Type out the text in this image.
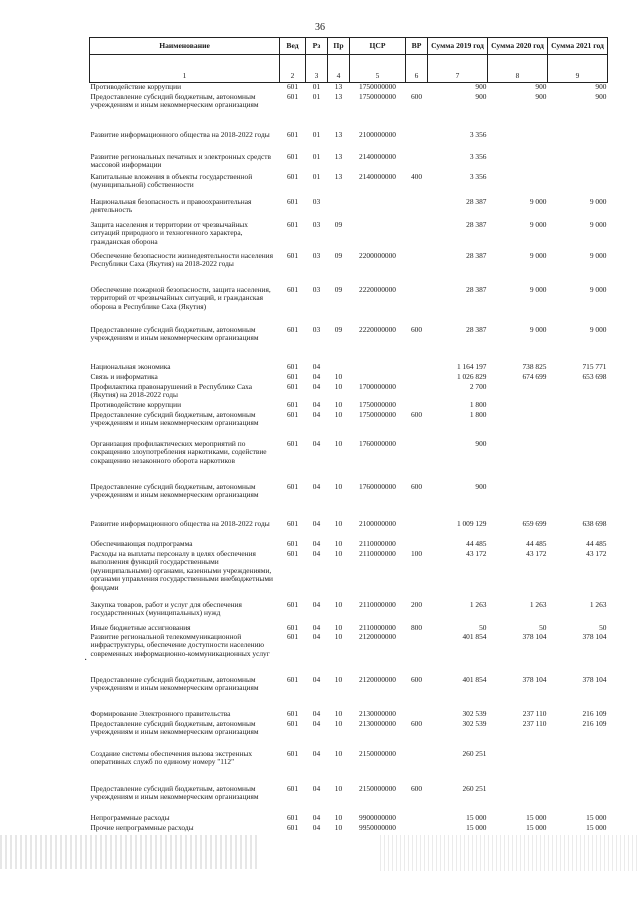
36
Наименование	Вед	Рз	Пр	ЦСР	ВР	Сумма 2019 год	Сумма 2020 год	Сумма 2021 год
1	2	3	4	5	6	7	8	9
Противодействие коррупции	601	01	13	1750000000		900	900	900
Предоставление субсидий бюджетным, автономным учреждениям и иным некоммерческим организациям	601	01	13	1750000000	600	900	900	900
Развитие информационного общества на 2018-2022 годы	601	01	13	2100000000		3 356		
Развитие региональных печатных и электронных средств массовой информации	601	01	13	2140000000		3 356		
Капитальные вложения в объекты государственной (муниципальной) собственности	601	01	13	2140000000	400	3 356		
Национальная безопасность и правоохранительная деятельность	601	03				28 387	9 000	9 000
Защита населения и территории от чрезвычайных ситуаций природного и техногенного характера, гражданская оборона	601	03	09			28 387	9 000	9 000
Обеспечение безопасности жизнедеятельности населения Республики Саха (Якутия) на 2018-2022 годы	601	03	09	2200000000		28 387	9 000	9 000
Обеспечение пожарной безопасности, защита населения, территорий от чрезвычайных ситуаций, и гражданская оборона в Республике Саха (Якутия)	601	03	09	2220000000		28 387	9 000	9 000
Предоставление субсидий бюджетным, автономным учреждениям и иным некоммерческим организациям	601	03	09	2220000000	600	28 387	9 000	9 000
Национальная экономика	601	04				1 164 197	738 825	715 771
Связь и информатика	601	04	10			1 026 829	674 699	653 698
Профилактика правонарушений в Республике Саха (Якутия) на 2018-2022 годы	601	04	10	1700000000		2 700		
Противодействие коррупции	601	04	10	1750000000		1 800		
Предоставление субсидий бюджетным, автономным учреждениям и иным некоммерческим организациям	601	04	10	1750000000	600	1 800		
Организация профилактических мероприятий по сокращению злоупотребления наркотиками, содействие сокращению незаконного оборота наркотиков	601	04	10	1760000000		900		
Предоставление субсидий бюджетным, автономным учреждениям и иным некоммерческим организациям	601	04	10	1760000000	600	900		
Развитие информационного общества на 2018-2022 годы	601	04	10	2100000000		1 009 129	659 699	638 698
Обеспечивающая подпрограмма	601	04	10	2110000000		44 485	44 485	44 485
Расходы на выплаты персоналу в целях обеспечения выполнения функций государственными (муниципальными) органами, казенными учреждениями, органами управления государственными внебюджетными фондами	601	04	10	2110000000	100	43 172	43 172	43 172
Закупка товаров, работ и услуг для обеспечения государственных (муниципальных) нужд	601	04	10	2110000000	200	1 263	1 263	1 263
Иные бюджетные ассигнования	601	04	10	2110000000	800	50	50	50
Развитие региональной телекоммуникационной инфраструктуры, обеспечение доступности населению современных информационно-коммуникационных услуг	601	04	10	2120000000		401 854	378 104	378 104
Предоставление субсидий бюджетным, автономным учреждениям и иным некоммерческим организациям	601	04	10	2120000000	600	401 854	378 104	378 104
Формирование Электронного правительства	601	04	10	2130000000		302 539	237 110	216 109
Предоставление субсидий бюджетным, автономным учреждениям и иным некоммерческим организациям	601	04	10	2130000000	600	302 539	237 110	216 109
Создание системы обеспечения вызова экстренных оперативных служб по единому номеру "112"	601	04	10	2150000000		260 251		
Предоставление субсидий бюджетным, автономным учреждениям и иным некоммерческим организациям	601	04	10	2150000000	600	260 251		
Непрограммные расходы	601	04	10	9900000000		15 000	15 000	15 000
Прочие непрограммные расходы	601	04	10	9950000000		15 000	15 000	15 000
·
